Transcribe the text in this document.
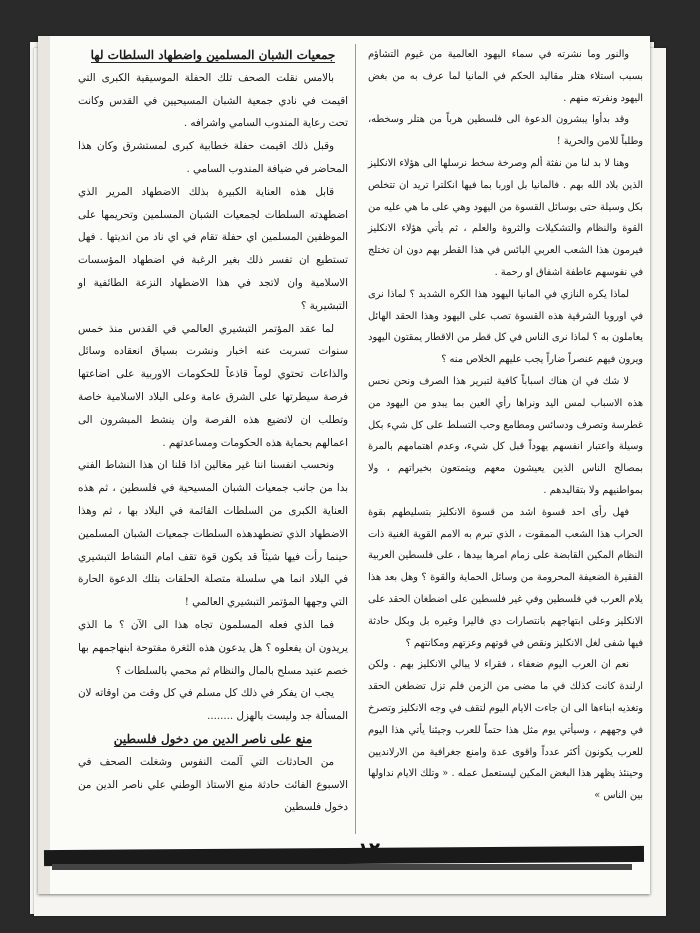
والنور وما نشرته في سماء اليهود العالمية من غيوم التشاؤم بسبب استلاء هتلر مقاليد الحكم في المانيا لما عرف به من بغض اليهود ونفرته منهم .

وقد بدأوا يبشرون الدعوة الى فلسطين هرباً من هتلر وسخطه، وطلباً للامن والحرية !

وهنا لا بد لنا من نفثة ألم وصرخة سخط نرسلها الى هؤلاء الانكليز الذين بلاد الله بهم . فالمانيا بل اوربا بما فيها انكلترا تريد ان تتخلص بكل وسيلة حتى بوسائل القسوة من اليهود وهي على ما هي عليه من القوة والنظام والتشكيلات والثروة والعلم ، ثم يأتي هؤلاء الانكليز فيرمون هذا الشعب العربي البائس في هذا القطر بهم دون ان تختلج في نفوسهم عاطفة اشفاق او رحمة .

لماذا يكره النازي في المانيا اليهود هذا الكره الشديد ؟ لماذا نرى في اوروبا الشرقية هذه القسوة تصب على اليهود وهذا الحقد الهائل يعاملون به ؟ لماذا نرى الناس في كل قطر من الاقطار يمقتون اليهود ويرون فيهم عنصراً ضاراً يجب عليهم الخلاص منه ؟

لا شك في ان هناك اسباباً كافية لتبرير هذا الصرف ونحن نحس هذه الاسباب لمس اليد ونراها رأي العين بما يبدو من اليهود من غطرسة وتصرف ودسائس ومطامع وحب التسلط على كل شيء بكل وسيلة واعتبار انفسهم يهوداً قبل كل شيء، وعدم اهتمامهم بالمرة بمصالح الناس الذين يعيشون معهم ويتمتعون بخيراتهم ، ولا بمواطنيهم ولا بتقاليدهم .

فهل رأى احد قسوة اشد من قسوة الانكليز بتسليطهم بقوة الحراب هذا الشعب الممقوت ، الذي تبرم به الامم القوية الغنية ذات النظام المكين القابضة على زمام امرها بيدها ، على فلسطين العربية الفقيرة الضعيفة المحرومة من وسائل الحماية والقوة ؟ وهل بعد هذا يلام العرب في فلسطين وفي غير فلسطين على اضطغان الحقد على الانكليز وعلى ابتهاجهم بانتصارات دي فاليرا وغيره بل وبكل حادثة فيها شفى لغل الانكليز ونقص في قوتهم وعزتهم ومكانتهم ؟

نعم ان العرب اليوم ضعفاء ، فقراء لا يبالي الانكليز بهم . ولكن ارلندة كانت كذلك في ما مضى من الزمن فلم تزل تضطغن الحقد وتغذيه ابناءها الى ان جاءت الايام اليوم لتقف في وجه الانكليز وتصرخ في وجههم ، وسيأتي يوم مثل هذا حتماً للعرب وجيئنا يأتي هذا اليوم للعرب يكونون أكثر عدداً واقوى عدة وامنع جغرافية من الارلانديين وحينئذ يظهر هذا البغض المكين ليستعمل عمله . « وتلك الايام نداولها بين الناس »

جمعيات الشبان المسلمين واضطهاد السلطات لها

بالامس نقلت الصحف تلك الحفلة الموسيقية الكبرى التي اقيمت في نادي جمعية الشبان المسيحيين في القدس وكانت تحت رعاية المندوب السامي واشرافه .

وقبل ذلك اقيمت حفلة خطابية كبرى لمستشرق وكان هذا المحاضر في ضيافة المندوب السامي .

قابل هذه العناية الكبيرة بذلك الاضطهاد المرير الذي اضطهدته السلطات لجمعيات الشبان المسلمين وتحريمها على الموظفين المسلمين اي حفلة تقام في اي ناد من انديتها . فهل تستطيع ان تفسر ذلك بغير الرغبة في اضطهاد المؤسسات الاسلامية وان لاتجد في هذا الاضطهاد النزعة الطائفية او التبشيرية ؟

لما عقد المؤتمر التبشيري العالمي في القدس منذ خمس سنوات تسربت عنه اخبار ونشرت بسياق انعقاده وسائل والذاعات تحتوي لوماً قاذعاً للحكومات الاوربية على اضاعتها فرصة سيطرتها على الشرق عامة وعلى البلاد الاسلامية خاصة وتطلب ان لاتضيع هذه الفرصة وان ينشط المبشرون الى اعمالهم بحماية هذه الحكومات ومساعدتهم .

ونحسب انفسنا اننا غير مغالين اذا قلنا ان هذا النشاط الفني بدا من جانب جمعيات الشبان المسيحية في فلسطين ، ثم هذه العناية الكبرى من السلطات القائمة في البلاد بها ، ثم وهذا الاضطهاد الذي تضطهدهذه السلطات جمعيات الشبان المسلمين حينما رأت فيها شيئاً قد يكون قوة تقف امام النشاط التبشيري في البلاد انما هي سلسلة متصلة الحلقات بتلك الدعوة الحارة التي وجهها المؤتمر التبشيري العالمي !

فما الذي فعله المسلمون تجاه هذا الى الآن ؟ ما الذي يريدون ان يفعلوه ؟ هل يدعون هذه الثغرة مفتوحة ابنهاجمهم بها خصم عنيد مسلح بالمال والنظام ثم محمي بالسلطات ؟

يجب ان يفكر في ذلك كل مسلم في كل وقت من اوقاته لان المسألة جد وليست بالهزل ........

منع على ناصر الدين من دخول فلسطين

من الحادثات التي آلمت النفوس وشغلت الصحف في الاسبوع الفائت حادثة منع الاستاذ الوطني علي ناصر الدين من دخول فلسطين
